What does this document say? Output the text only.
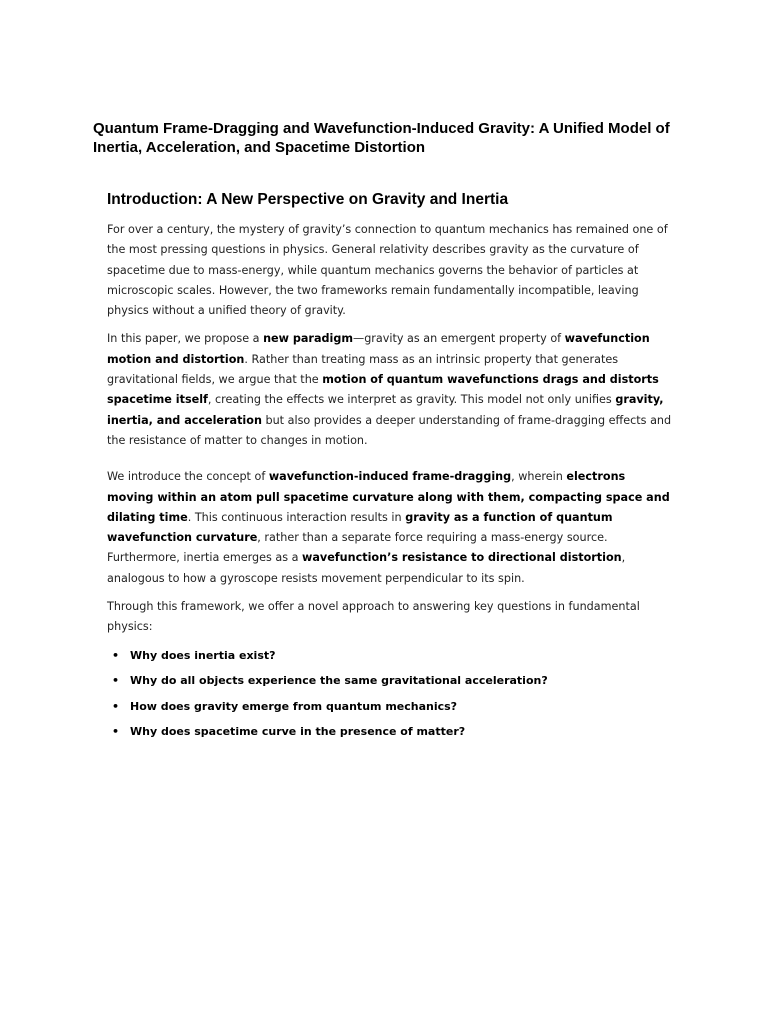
Quantum Frame-Dragging and Wavefunction-Induced Gravity: A Unified Model of Inertia, Acceleration, and Spacetime Distortion
Introduction: A New Perspective on Gravity and Inertia

For over a century, the mystery of gravity’s connection to quantum mechanics has remained one of the most pressing questions in physics. General relativity describes gravity as the curvature of spacetime due to mass-energy, while quantum mechanics governs the behavior of particles at microscopic scales. However, the two frameworks remain fundamentally incompatible, leaving physics without a unified theory of gravity.

In this paper, we propose a new paradigm—gravity as an emergent property of wavefunction motion and distortion. Rather than treating mass as an intrinsic property that generates gravitational fields, we argue that the motion of quantum wavefunctions drags and distorts spacetime itself, creating the effects we interpret as gravity. This model not only unifies gravity, inertia, and acceleration but also provides a deeper understanding of frame-dragging effects and the resistance of matter to changes in motion.

We introduce the concept of wavefunction-induced frame-dragging, wherein electrons moving within an atom pull spacetime curvature along with them, compacting space and dilating time. This continuous interaction results in gravity as a function of quantum wavefunction curvature, rather than a separate force requiring a mass-energy source. Furthermore, inertia emerges as a wavefunction’s resistance to directional distortion, analogous to how a gyroscope resists movement perpendicular to its spin.

Through this framework, we offer a novel approach to answering key questions in fundamental physics:

• Why does inertia exist?
• Why do all objects experience the same gravitational acceleration?
• How does gravity emerge from quantum mechanics?
• Why does spacetime curve in the presence of matter?
